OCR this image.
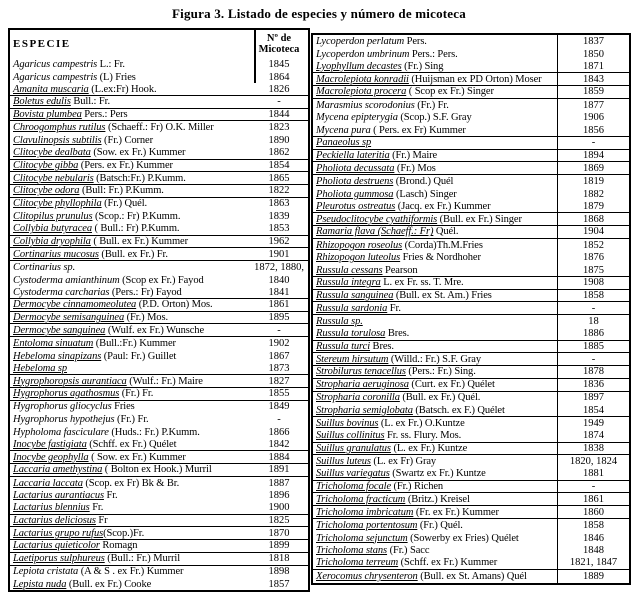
Figura 3. Listado de especies y número de micoteca
ESPECIE	Nº de
Micoteca
Agaricus campestris L.: Fr.	1845
Agaricus campestris (L) Fries	1864
Amanita muscaria (L.ex:Fr) Hook.	1826
Boletus edulis Bull.: Fr.	-
Bovista plumbea Pers.: Pers	1844
Chroogomphus rutilus (Schaeff.: Fr) O.K. Miller	1823
Clavulinopsis subtilis (Fr.) Corner	1890
Clitocybe dealbata (Sow. ex Fr.) Kummer	1862
Clitocybe gibba (Pers. ex Fr.) Kummer	1854
Clitocybe nebularis (Batsch:Fr.) P.Kumm.	1865
Clitocybe odora (Bull: Fr.) P.Kumm.	1822
Clitocybe phyllophila (Fr.) Quél.	1863
Clitopilus prunulus (Scop.: Fr) P.Kumm.	1839
Collybia butyracea ( Bull.: Fr) P.Kumm.	1853
Collybia dryophila ( Bull. ex Fr.) Kummer	1962
Cortinarius mucosus (Bull. ex Fr.) Fr.	1901
Cortinarius sp.	1872, 1880,
Cystoderma amianthinum (Scop ex Fr.) Fayod	1840
Cystoderma carcharias (Pers.: Fr) Fayod	1841
Dermocybe cinnamomeolutea (P.D. Orton) Mos.	1861
Dermocybe semisanguinea (Fr.) Mos.	1895
Dermocybe sanguinea (Wulf. ex Fr.) Wunsche	-
Entoloma sinuatum (Bull.:Fr.) Kummer	1902
Hebeloma sinapizans (Paul: Fr.) Guillet	1867
Hebeloma sp	1873
Hygrophoropsis aurantiaca (Wulf.: Fr.) Maire	1827
Hygrophorus agathosmus (Fr.) Fr.	1855
Hygrophorus gliocyclus Fries	1849
Hygrophorus hypothejus (Fr.) Fr.	-
Hypholoma fasciculare (Huds.: Fr.) P.Kumm.	1866
Inocybe fastigiata (Schff. ex Fr.) Quélet	1842
Inocybe geophylla ( Sow. ex Fr.) Kummer	1884
Laccaria amethystina ( Bolton ex Hook.) Murril	1891
Laccaria laccata (Scop. ex Fr) Bk & Br.	1887
Lactarius aurantiacus Fr.	1896
Lactarius blennius Fr.	1900
Lactarius deliciosus Fr	1825
Lactarius grupo rufus(Scop.)Fr.	1870
Lactarius quieticolor Romagn	1899
Laetiporus sulphureus (Bull.: Fr.) Murril	1818
Lepiota cristata (A & S . ex Fr.) Kummer	1898
Lepista nuda (Bull. ex Fr.) Cooke	1857
Lycoperdon perlatum Pers.	1837
Lycoperdon umbrinum Pers.: Pers.	1850
Lyophyllum decastes (Fr.) Sing	1871
Macrolepiota konradii (Huijsman ex PD Orton) Moser	1843
Macrolepiota procera ( Scop ex Fr.) Singer	1859
Marasmius scorodonius (Fr.) Fr.	1877
Mycena epipterygia (Scop.) S.F. Gray	1906
Mycena pura ( Pers. ex Fr) Kummer	1856
Panaeolus sp	-
Peckiella lateritia (Fr.) Maire	1894
Pholiota decussata (Fr.) Mos	1869
Pholiota destruens (Brond.) Quél	1819
Pholiota gummosa (Lasch) Singer	1882
Pleurotus ostreatus (Jacq. ex Fr.) Kummer	1879
Pseudoclitocybe cyathiformis (Bull. ex Fr.) Singer	1868
Ramaria flava (Schaeff.: Fr) Quél.	1904
Rhizopogon roseolus (Corda)Th.M.Fries	1852
Rhizopogon luteolus Fries & Nordhoher	1876
Russula cessans Pearson	1875
Russula integra L. ex Fr. ss. T. Mre.	1908
Russula sanguinea (Bull. ex St. Am.) Fries	1858
Russula sardonia Fr.	-
Russula sp.	18
Russula torulosa Bres.	1886
Russula turci Bres.	1885
Stereum hirsutum (Willd.: Fr.) S.F. Gray	-
Strobilurus tenacellus (Pers.: Fr.) Sing.	1878
Stropharia aeruginosa (Curt. ex Fr.) Quélet	1836
Stropharia coronilla (Bull. ex Fr.) Quél.	1897
Stropharia semiglobata (Batsch. ex F.) Quélet	1854
Suillus bovinus (L. ex Fr.) O.Kuntze	1949
Suillus collinitus Fr. ss. Flury. Mos.	1874
Suillus granulatus (L. ex Fr.) Kuntze	1838
Suillus luteus (L. ex Fr) Gray	1820, 1824
Suillus variegatus (Swartz ex Fr.) Kuntze	1881
Tricholoma focale (Fr.) Richen	-
Tricholoma fracticum (Britz.) Kreisel	1861
Tricholoma imbricatum (Fr. ex Fr.) Kummer	1860
Tricholoma portentosum (Fr.) Quél.	1858
Tricholoma sejunctum (Sowerby ex Fries) Quélet	1846
Tricholoma stans (Fr.) Sacc	1848
Tricholoma terreum (Schff. ex Fr.) Kummer	1821, 1847
Xerocomus chrysenteron (Bull. ex St. Amans) Quél	1889
